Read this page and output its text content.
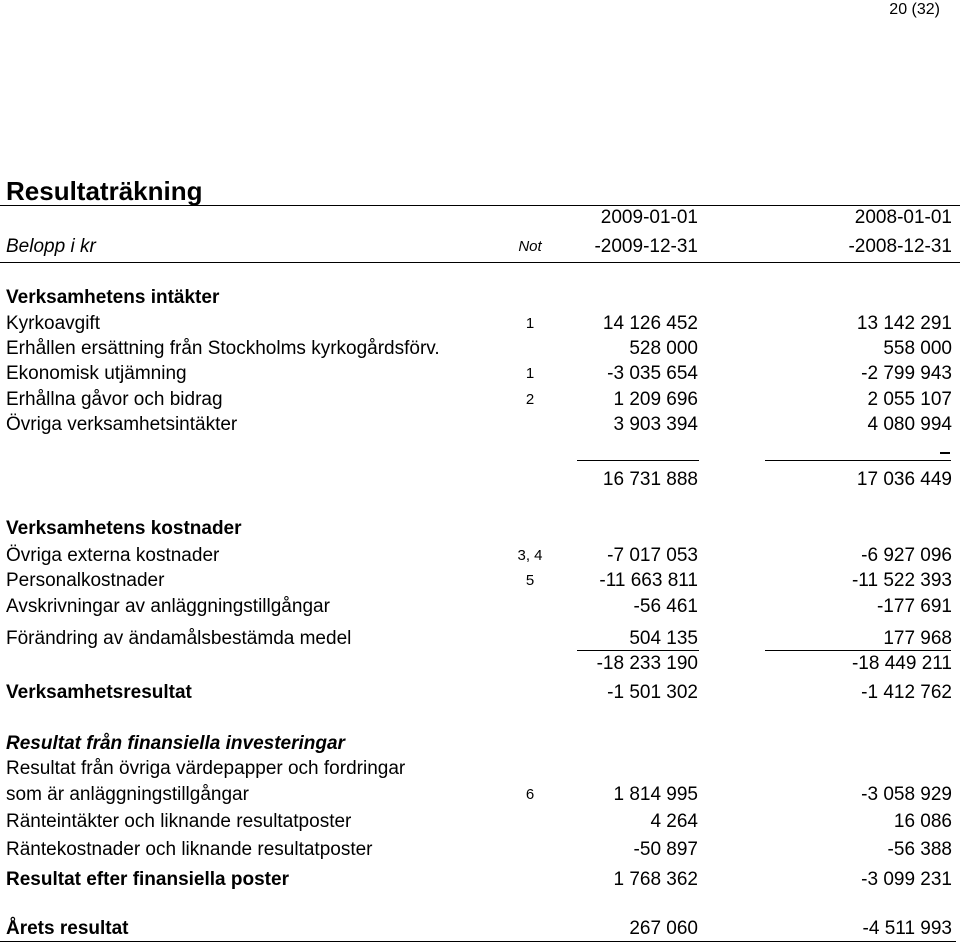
20 (32)
Resultaträkning
2009-01-01	2008-01-01
Belopp i kr	Not	-2009-12-31	-2008-12-31
Verksamhetens intäkter
Kyrkoavgift	1	14 126 452	13 142 291
Erhållen ersättning från Stockholms kyrkogårdsförv.	528 000	558 000
Ekonomisk utjämning	1	-3 035 654	-2 799 943
Erhållna gåvor och bidrag	2	1 209 696	2 055 107
Övriga verksamhetsintäkter	3 903 394	4 080 994
16 731 888	17 036 449
Verksamhetens kostnader
Övriga externa kostnader	3, 4	-7 017 053	-6 927 096
Personalkostnader	5	-11 663 811	-11 522 393
Avskrivningar av anläggningstillgångar	-56 461	-177 691
Förändring av ändamålsbestämda medel	504 135	177 968
-18 233 190	-18 449 211
Verksamhetsresultat	-1 501 302	-1 412 762
Resultat från finansiella investeringar
Resultat från övriga värdepapper och fordringar
som är anläggningstillgångar	6	1 814 995	-3 058 929
Ränteintäkter och liknande resultatposter	4 264	16 086
Räntekostnader och liknande resultatposter	-50 897	-56 388
Resultat efter finansiella poster	1 768 362	-3 099 231
Årets resultat	267 060	-4 511 993
